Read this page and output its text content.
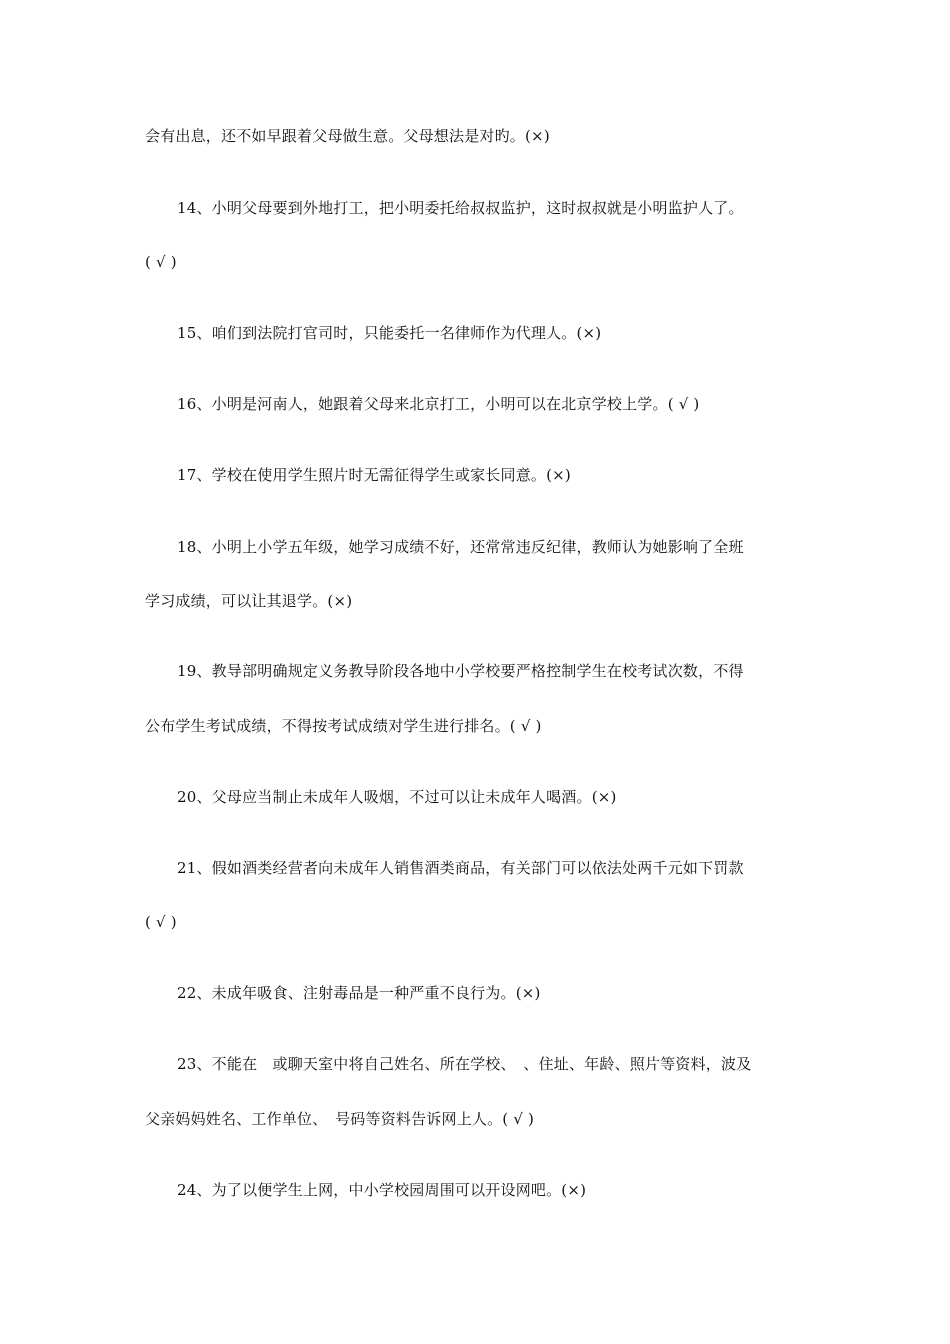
会有出息，还不如早跟着父母做生意。父母想法是对旳。(×)
14、小明父母要到外地打工，把小明委托给叔叔监护，这时叔叔就是小明监护人了。
( √ )
15、咱们到法院打官司时，只能委托一名律师作为代理人。(×)
16、小明是河南人，她跟着父母来北京打工，小明可以在北京学校上学。( √ )
17、学校在使用学生照片时无需征得学生或家长同意。(×)
18、小明上小学五年级，她学习成绩不好，还常常违反纪律，教师认为她影响了全班
学习成绩，可以让其退学。(×)
19、教导部明确规定义务教导阶段各地中小学校要严格控制学生在校考试次数，不得
公布学生考试成绩，不得按考试成绩对学生进行排名。( √ )
20、父母应当制止未成年人吸烟，不过可以让未成年人喝酒。(×)
21、假如酒类经营者向未成年人销售酒类商品，有关部门可以依法处两千元如下罚款
( √ )
22、未成年吸食、注射毒品是一种严重不良行为。(×)
23、不能在　或聊天室中将自己姓名、所在学校、　、住址、年龄、照片等资料，波及
父亲妈妈姓名、工作单位、　号码等资料告诉网上人。( √ )
24、为了以便学生上网，中小学校园周围可以开设网吧。(×)
